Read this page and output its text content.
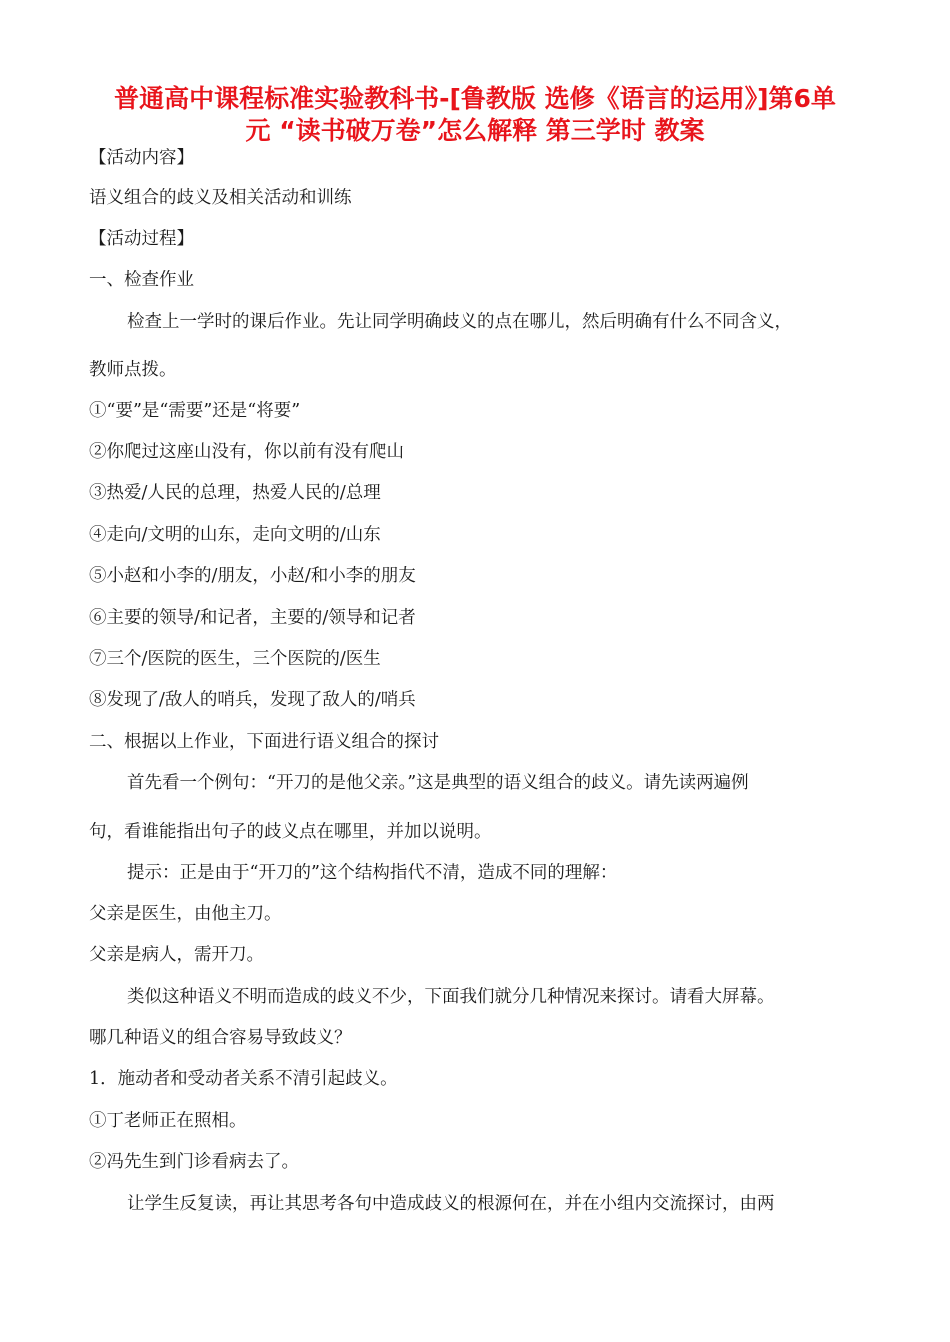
普通高中课程标准实验教科书-[鲁教版 选修《语言的运用》]第6单
元 “读书破万卷”怎么解释 第三学时 教案
【活动内容】
语义组合的歧义及相关活动和训练
【活动过程】
一、检查作业
检查上一学时的课后作业。先让同学明确歧义的点在哪儿，然后明确有什么不同含义，
教师点拨。
①“要”是“需要”还是“将要”
②你爬过这座山没有，你以前有没有爬山
③热爱/人民的总理，热爱人民的/总理
④走向/文明的山东，走向文明的/山东
⑤小赵和小李的/朋友，小赵/和小李的朋友
⑥主要的领导/和记者，主要的/领导和记者
⑦三个/医院的医生，三个医院的/医生
⑧发现了/敌人的哨兵，发现了敌人的/哨兵
二、根据以上作业，下面进行语义组合的探讨
首先看一个例句：“开刀的是他父亲。”这是典型的语义组合的歧义。请先读两遍例
句，看谁能指出句子的歧义点在哪里，并加以说明。
提示：正是由于“开刀的”这个结构指代不清，造成不同的理解：
父亲是医生，由他主刀。
父亲是病人，需开刀。
类似这种语义不明而造成的歧义不少，下面我们就分几种情况来探讨。请看大屏幕。
哪几种语义的组合容易导致歧义？
1．施动者和受动者关系不清引起歧义。
①丁老师正在照相。
②冯先生到门诊看病去了。
让学生反复读，再让其思考各句中造成歧义的根源何在，并在小组内交流探讨，由两
